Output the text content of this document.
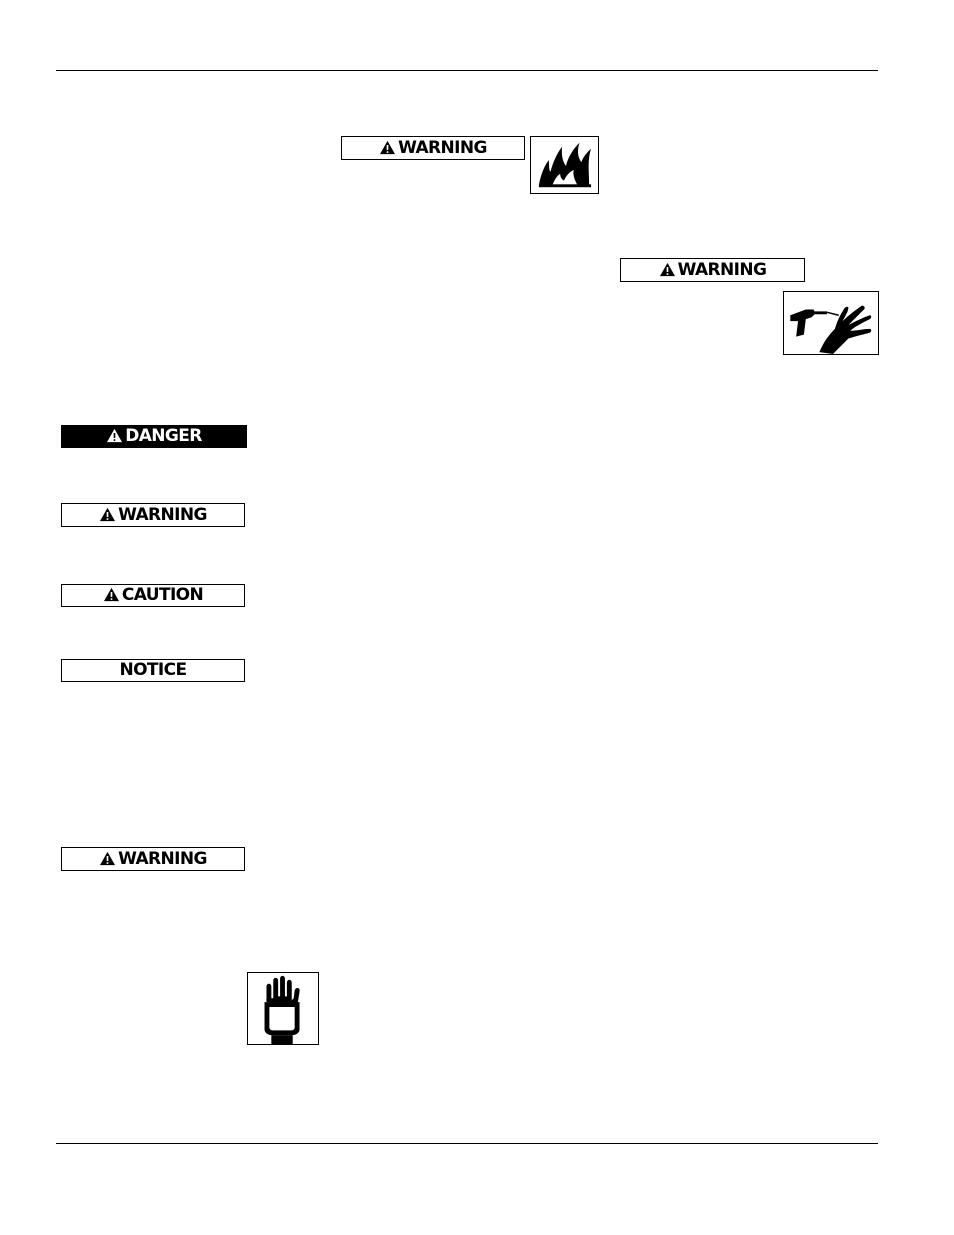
WARNING
WARNING
DANGER
WARNING
CAUTION
NOTICE
WARNING
